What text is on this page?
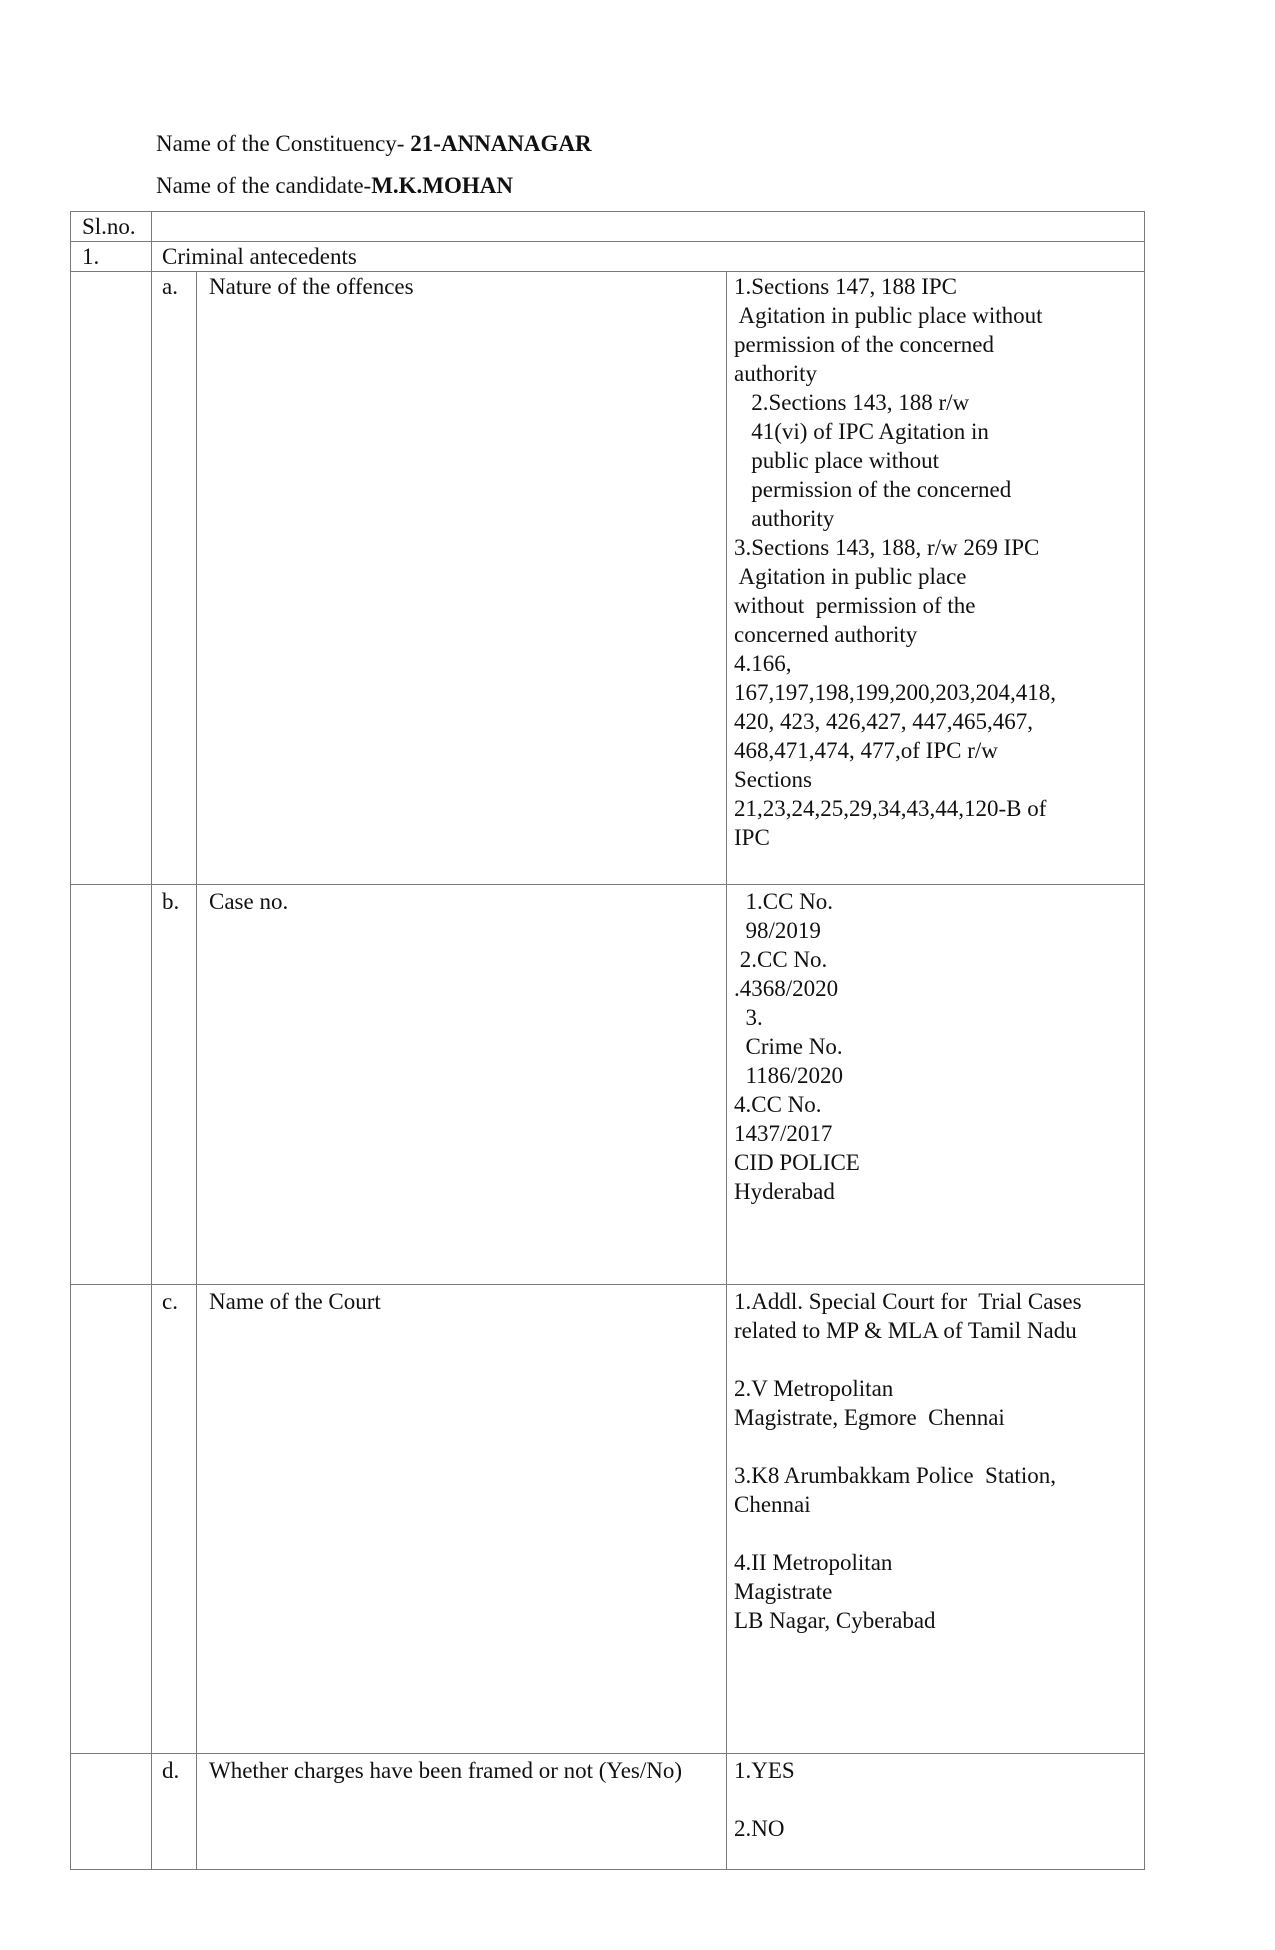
Name of the Constituency- 21-ANNANAGAR
Name of the candidate-M.K.MOHAN
Sl.no.
1.	Criminal antecedents
a. Nature of the offences	1.Sections 147, 188 IPC
Agitation in public place without
permission of the concerned
authority
2.Sections 143, 188 r/w
41(vi) of IPC Agitation in
public place without
permission of the concerned
authority
3.Sections 143, 188, r/w 269 IPC
Agitation in public place
without  permission of the
concerned authority
4.166,
167,197,198,199,200,203,204,418,
420, 423, 426,427, 447,465,467,
468,471,474, 477,of IPC r/w
Sections
21,23,24,25,29,34,43,44,120-B of
IPC
b. Case no.	1.CC No.
98/2019
2.CC No.
.4368/2020
3.
Crime No.
1186/2020
4.CC No.
1437/2017
CID POLICE
Hyderabad
c. Name of the Court	1.Addl. Special Court for  Trial Cases
related to MP & MLA of Tamil Nadu

2.V Metropolitan
Magistrate, Egmore  Chennai

3.K8 Arumbakkam Police  Station,
Chennai

4.II Metropolitan
Magistrate
LB Nagar, Cyberabad
d. Whether charges have been framed or not (Yes/No)	1.YES

2.NO
